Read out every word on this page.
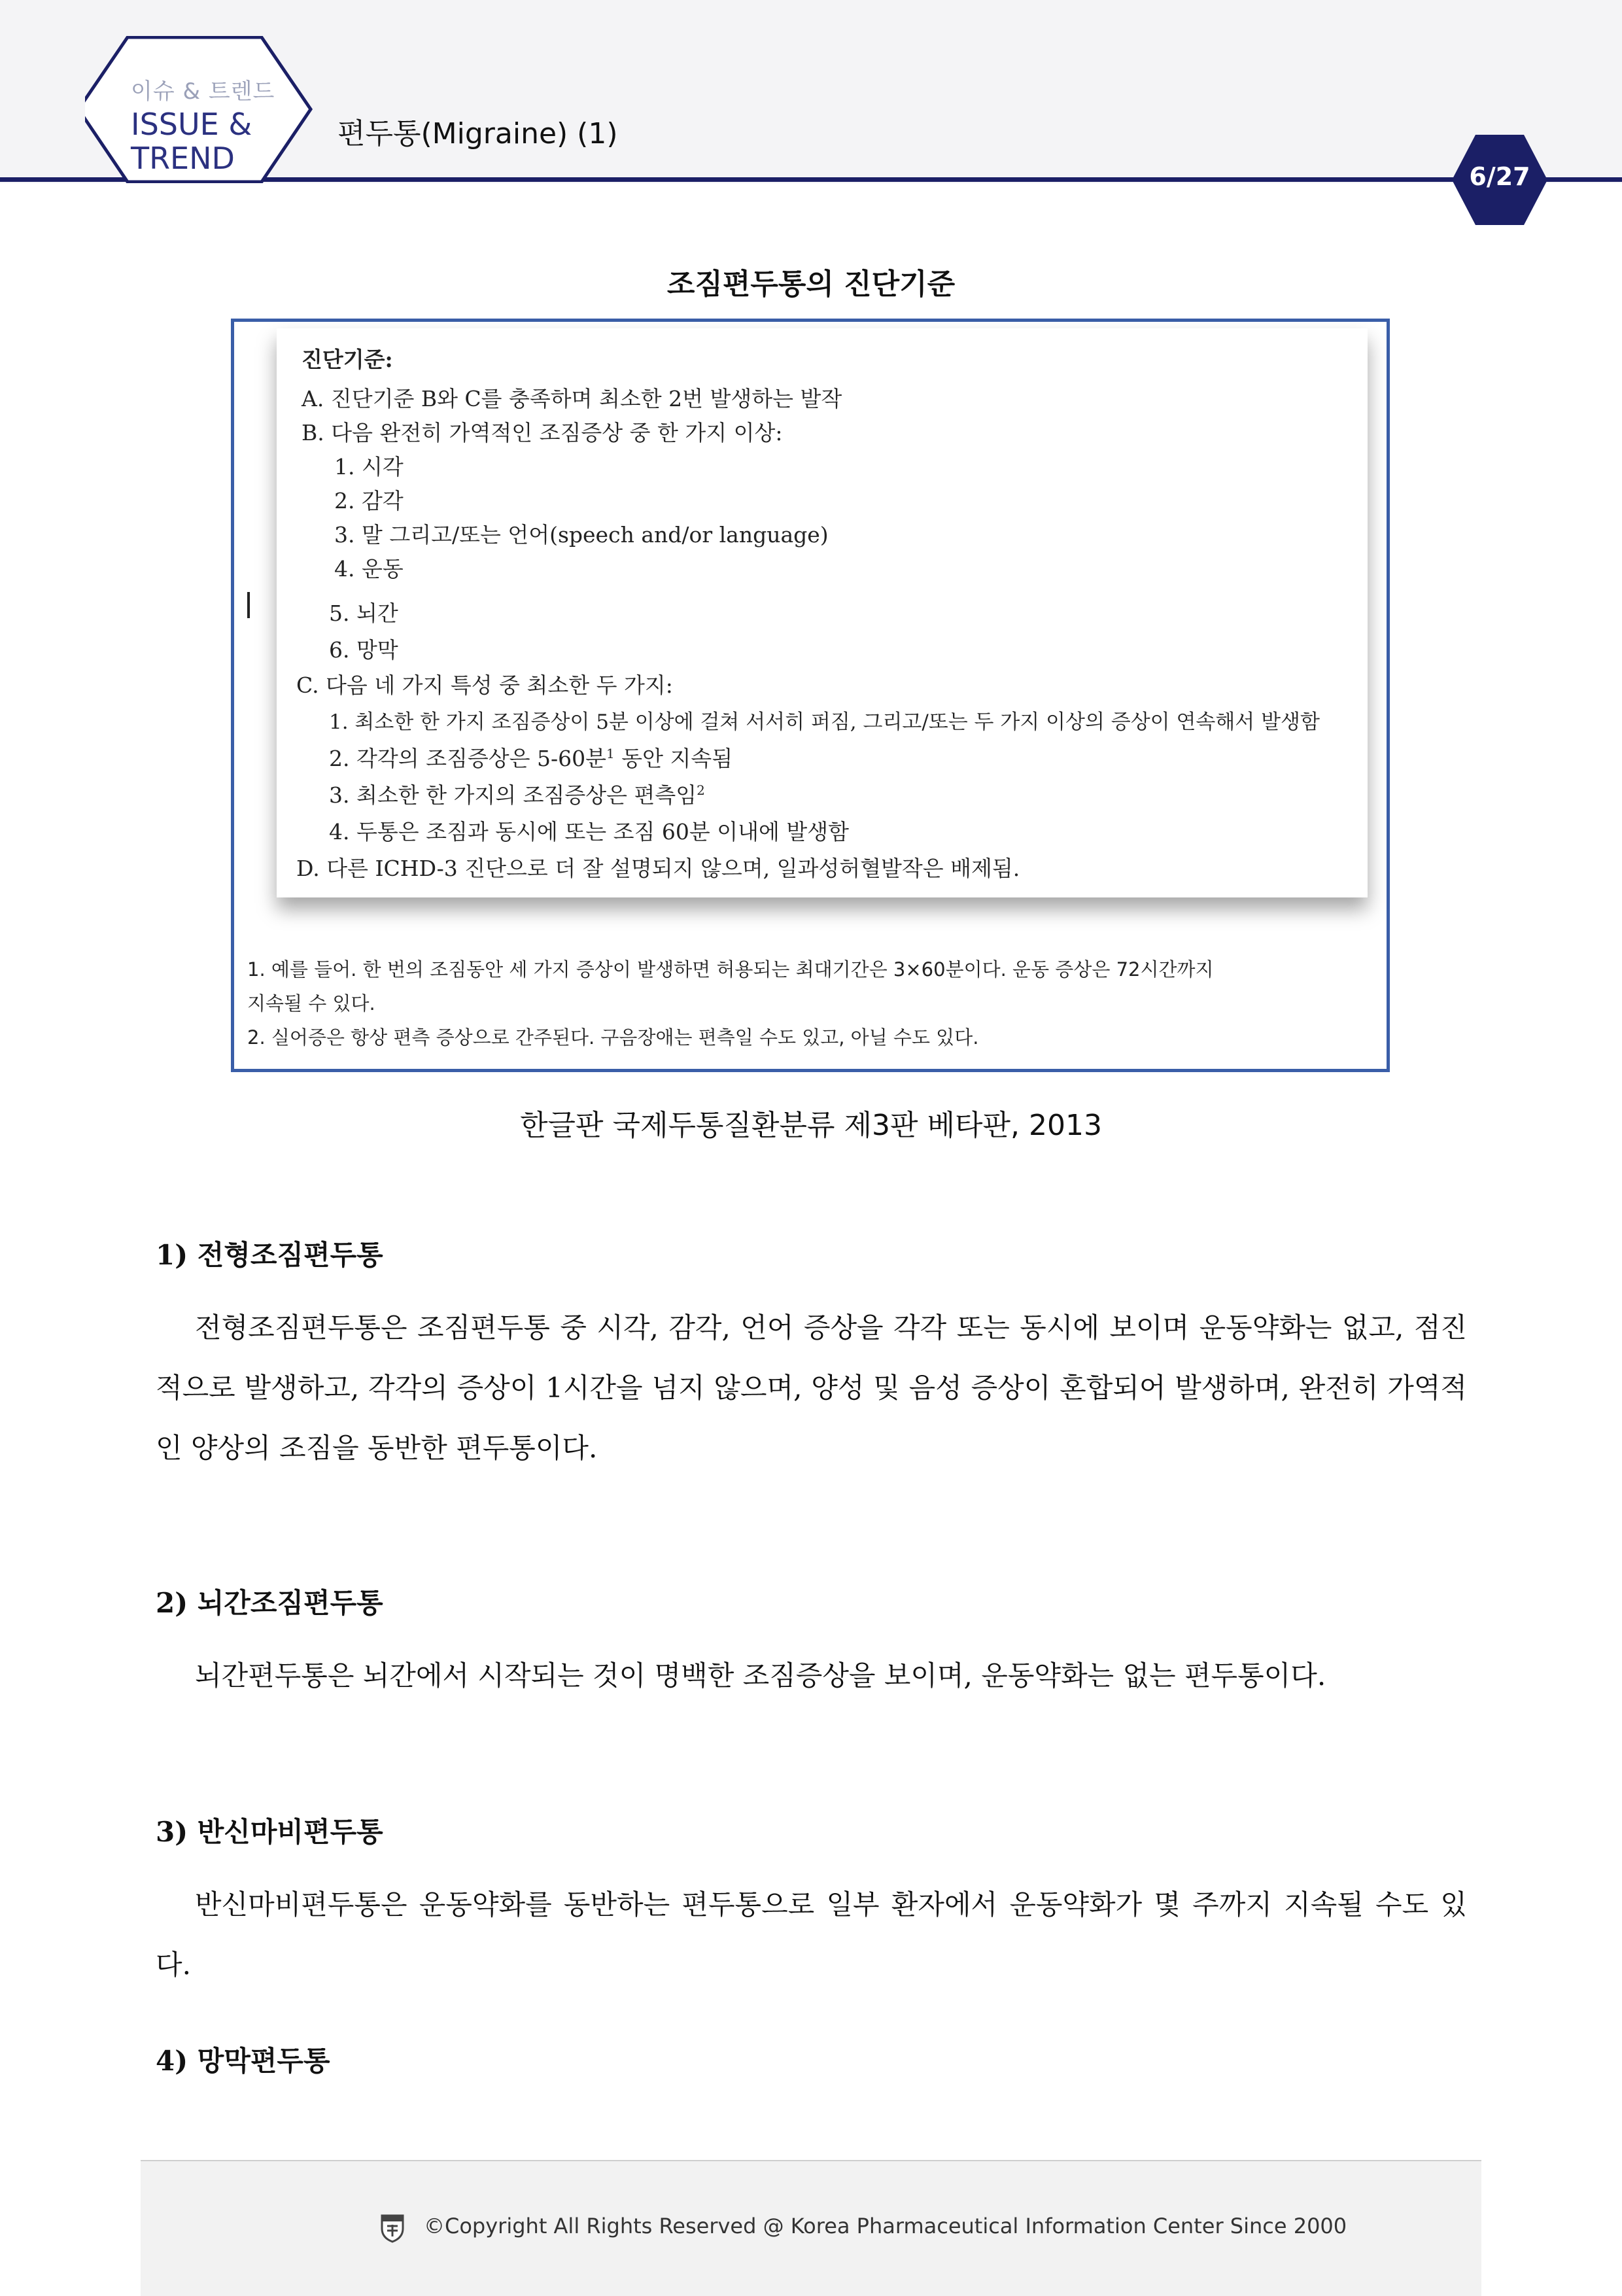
이슈 & 트렌드
ISSUE &
TREND
편두통(Migraine) (1)
6/27
조짐편두통의 진단기준
진단기준:
A. 진단기준 B와 C를 충족하며 최소한 2번 발생하는 발작
B. 다음 완전히 가역적인 조짐증상 중 한 가지 이상:
1. 시각
2. 감각
3. 말 그리고/또는 언어(speech and/or language)
4. 운동
5. 뇌간
6. 망막
C. 다음 네 가지 특성 중 최소한 두 가지:
1. 최소한 한 가지 조짐증상이 5분 이상에 걸쳐 서서히 퍼짐, 그리고/또는 두 가지 이상의 증상이 연속해서 발생함
2. 각각의 조짐증상은 5-60분$^1$ 동안 지속됨
3. 최소한 한 가지의 조짐증상은 편측임$^2$
4. 두통은 조짐과 동시에 또는 조짐 60분 이내에 발생함
D. 다른 ICHD-3 진단으로 더 잘 설명되지 않으며, 일과성허혈발작은 배제됨.
1. 예를 들어. 한 번의 조짐동안 세 가지 증상이 발생하면 허용되는 최대기간은 3×60분이다. 운동 증상은 72시간까지
지속될 수 있다.
2. 실어증은 항상 편측 증상으로 간주된다. 구음장애는 편측일 수도 있고, 아닐 수도 있다.
한글판 국제두통질환분류 제3판 베타판, 2013
1) 전형조짐편두통
전형조짐편두통은 조짐편두통 중 시각, 감각, 언어 증상을 각각 또는 동시에 보이며 운동약화는 없고, 점진적으로 발생하고, 각각의 증상이 1시간을 넘지 않으며, 양성 및 음성 증상이 혼합되어 발생하며, 완전히 가역적인 양상의 조짐을 동반한 편두통이다.
2) 뇌간조짐편두통
뇌간편두통은 뇌간에서 시작되는 것이 명백한 조짐증상을 보이며, 운동약화는 없는 편두통이다.
3) 반신마비편두통
반신마비편두통은 운동약화를 동반하는 편두통으로 일부 환자에서 운동약화가 몇 주까지 지속될 수도 있다.
4) 망막편두통
©Copyright All Rights Reserved @ Korea Pharmaceutical Information Center Since 2000
